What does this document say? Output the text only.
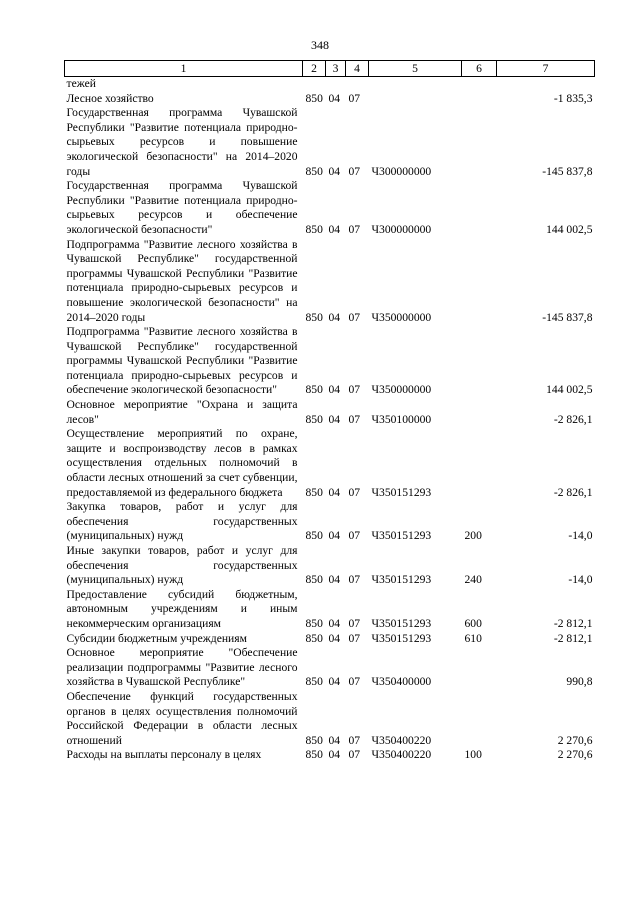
348
1	2	3	4	5	6	7
тежей						
Лесное хозяйство	850	04	07			-1 835,3
Государственная программа Чувашской Республики "Развитие потенциала природно-сырьевых ресурсов и повышение экологической безопасности" на 2014–2020 годы	850	04	07	Ч300000000		-145 837,8
Государственная программа Чувашской Республики "Развитие потенциала природно-сырьевых ресурсов и обеспечение экологической безопасности"	850	04	07	Ч300000000		144 002,5
Подпрограмма "Развитие лесного хозяйства в Чувашской Республике" государственной программы Чувашской Республики "Развитие потенциала природно-сырьевых ресурсов и повышение экологической безопасности" на 2014–2020 годы	850	04	07	Ч350000000		-145 837,8
Подпрограмма "Развитие лесного хозяйства в Чувашской Республике" государственной программы Чувашской Республики "Развитие потенциала природно-сырьевых ресурсов и обеспечение экологической безопасности"	850	04	07	Ч350000000		144 002,5
Основное мероприятие "Охрана и защита лесов"	850	04	07	Ч350100000		-2 826,1
Осуществление мероприятий по охране, защите и воспроизводству лесов в рамках осуществления отдельных полномочий в области лесных отношений за счет субвенции, предоставляемой из федерального бюджета	850	04	07	Ч350151293		-2 826,1
Закупка товаров, работ и услуг для обеспечения государственных (муниципальных) нужд	850	04	07	Ч350151293	200	-14,0
Иные закупки товаров, работ и услуг для обеспечения государственных (муниципальных) нужд	850	04	07	Ч350151293	240	-14,0
Предоставление субсидий бюджетным, автономным учреждениям и иным некоммерческим организациям	850	04	07	Ч350151293	600	-2 812,1
Субсидии бюджетным учреждениям	850	04	07	Ч350151293	610	-2 812,1
Основное мероприятие "Обеспечение реализации подпрограммы "Развитие лесного хозяйства в Чувашской Республике"	850	04	07	Ч350400000		990,8
Обеспечение функций государственных органов в целях осуществления полномочий Российской Федерации в области лесных отношений	850	04	07	Ч350400220		2 270,6
Расходы на выплаты персоналу в целях	850	04	07	Ч350400220	100	2 270,6
